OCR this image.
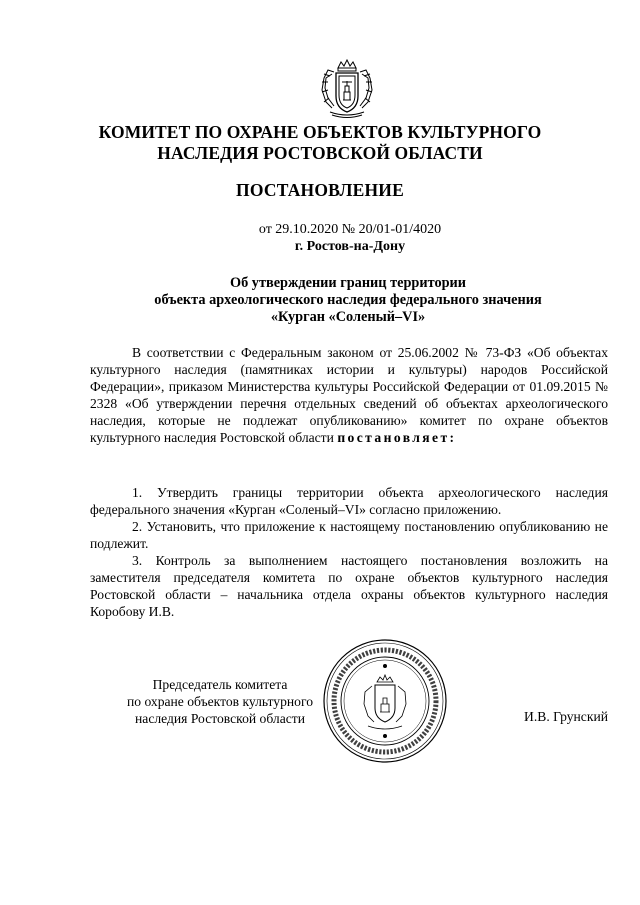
КОМИТЕТ ПО ОХРАНЕ ОБЪЕКТОВ КУЛЬТУРНОГО
НАСЛЕДИЯ РОСТОВСКОЙ ОБЛАСТИ
ПОСТАНОВЛЕНИЕ
от 29.10.2020 № 20/01-01/4020
г. Ростов-на-Дону
Об утверждении границ территории
объекта археологического наследия федерального значения
«Курган «Соленый–VI»
В соответствии с Федеральным законом от 25.06.2002 № 73-ФЗ «Об объектах культурного наследия (памятниках истории и культуры) народов Российской Федерации», приказом Министерства культуры Российской Федерации от 01.09.2015 № 2328 «Об утверждении перечня отдельных сведений об объектах археологического наследия, которые не подлежат опубликованию» комитет по охране объектов культурного наследия Ростовской области постановляет:

1. Утвердить границы территории объекта археологического наследия федерального значения «Курган «Соленый–VI» согласно приложению.

2. Установить, что приложение к настоящему постановлению опубликованию не подлежит.

3. Контроль за выполнением настоящего постановления возложить на заместителя председателя комитета по охране объектов культурного наследия Ростовской области – начальника отдела охраны объектов культурного наследия Коробову И.В.

Председатель комитета
по охране объектов культурного
наследия Ростовской области	И.В. Грунский
